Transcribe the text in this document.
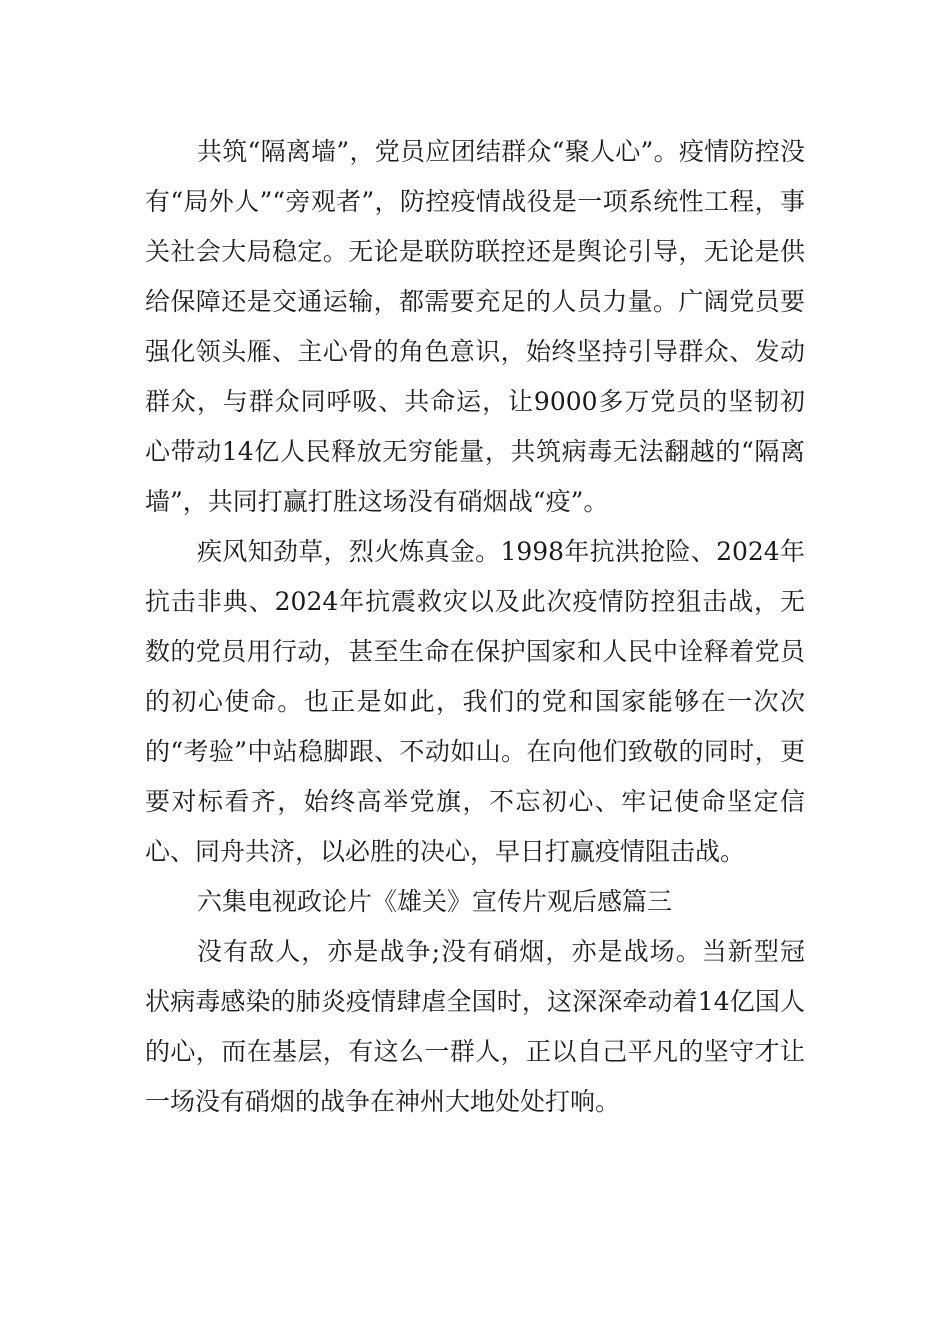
共筑“隔离墙”，党员应团结群众“聚人心”。疫情防控没有“局外人”“旁观者”，防控疫情战役是一项系统性工程，事关社会大局稳定。无论是联防联控还是舆论引导，无论是供给保障还是交通运输，都需要充足的人员力量。广阔党员要强化领头雁、主心骨的角色意识，始终坚持引导群众、发动群众，与群众同呼吸、共命运，让9000多万党员的坚韧初心带动14亿人民释放无穷能量，共筑病毒无法翻越的“隔离墙”，共同打赢打胜这场没有硝烟战“疫”。

疾风知劲草，烈火炼真金。1998年抗洪抢险、2024年抗击非典、2024年抗震救灾以及此次疫情防控狙击战，无数的党员用行动，甚至生命在保护国家和人民中诠释着党员的初心使命。也正是如此，我们的党和国家能够在一次次的“考验”中站稳脚跟、不动如山。在向他们致敬的同时，更要对标看齐，始终高举党旗，不忘初心、牢记使命坚定信心、同舟共济，以必胜的决心，早日打赢疫情阻击战。

六集电视政论片《雄关》宣传片观后感篇三

没有敌人，亦是战争;没有硝烟，亦是战场。当新型冠状病毒感染的肺炎疫情肆虐全国时，这深深牵动着14亿国人的心，而在基层，有这么一群人，正以自己平凡的坚守才让一场没有硝烟的战争在神州大地处处打响。
